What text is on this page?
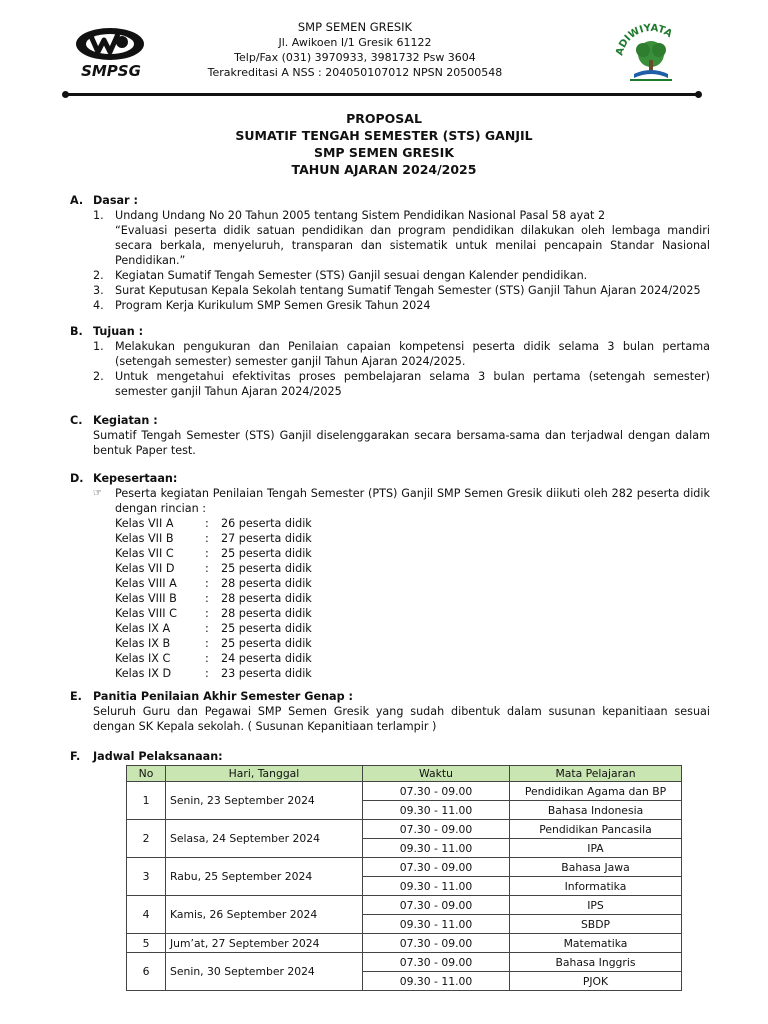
SMPSG
SMP SEMEN GRESIK
Jl. Awikoen I/1 Gresik 61122
Telp/Fax (031) 3970933, 3981732 Psw 3604
Terakreditasi A NSS : 204050107012 NPSN 20500548
ADIWIYATA
PROPOSAL
SUMATIF TENGAH SEMESTER (STS) GANJIL
SMP SEMEN GRESIK
TAHUN AJARAN 2024/2025
A. Dasar :
1.	Undang Undang No 20 Tahun 2005 tentang Sistem Pendidikan Nasional Pasal 58 ayat 2
“Evaluasi peserta didik satuan pendidikan dan program pendidikan dilakukan oleh lembaga mandiri secara berkala, menyeluruh, transparan dan sistematik untuk menilai pencapain Standar Nasional Pendidikan.”
2.	Kegiatan Sumatif Tengah Semester (STS) Ganjil sesuai dengan Kalender pendidikan.
3.	Surat Keputusan Kepala Sekolah tentang Sumatif Tengah Semester (STS) Ganjil Tahun Ajaran 2024/2025
4.	Program Kerja Kurikulum SMP Semen Gresik Tahun 2024
B. Tujuan :
1.	Melakukan pengukuran dan Penilaian capaian kompetensi peserta didik selama 3 bulan pertama (setengah semester) semester ganjil Tahun Ajaran 2024/2025.
2.	Untuk mengetahui efektivitas proses pembelajaran selama 3 bulan pertama (setengah semester) semester ganjil Tahun Ajaran 2024/2025
C. Kegiatan :
Sumatif Tengah Semester (STS) Ganjil diselenggarakan secara bersama-sama dan terjadwal dengan dalam bentuk Paper test.
D. Kepesertaan:
☞	Peserta kegiatan Penilaian Tengah Semester (PTS) Ganjil SMP Semen Gresik diikuti oleh 282 peserta didik dengan rincian :
Kelas VII A	:	26 peserta didik
Kelas VII B	:	27 peserta didik
Kelas VII C	:	25 peserta didik
Kelas VII D	:	25 peserta didik
Kelas VIII A	:	28 peserta didik
Kelas VIII B	:	28 peserta didik
Kelas VIII C	:	28 peserta didik
Kelas IX A	:	25 peserta didik
Kelas IX B	:	25 peserta didik
Kelas IX C	:	24 peserta didik
Kelas IX D	:	23 peserta didik
E. Panitia Penilaian Akhir Semester Genap :
Seluruh Guru dan Pegawai SMP Semen Gresik yang sudah dibentuk dalam susunan kepanitiaan sesuai dengan SK Kepala sekolah. ( Susunan Kepanitiaan terlampir )
F.	Jadwal Pelaksanaan:
No	Hari, Tanggal	Waktu	Mata Pelajaran
1	Senin, 23 September 2024	07.30 - 09.00	Pendidikan Agama dan BP
		09.30 - 11.00	Bahasa Indonesia
2	Selasa, 24 September 2024	07.30 - 09.00	Pendidikan Pancasila
		09.30 - 11.00	IPA
3	Rabu, 25 September 2024	07.30 - 09.00	Bahasa Jawa
		09.30 - 11.00	Informatika
4	Kamis, 26 September 2024	07.30 - 09.00	IPS
		09.30 - 11.00	SBDP
5	Jum’at, 27 September 2024	07.30 - 09.00	Matematika
6	Senin, 30 September 2024	07.30 - 09.00	Bahasa Inggris
		09.30 - 11.00	PJOK
